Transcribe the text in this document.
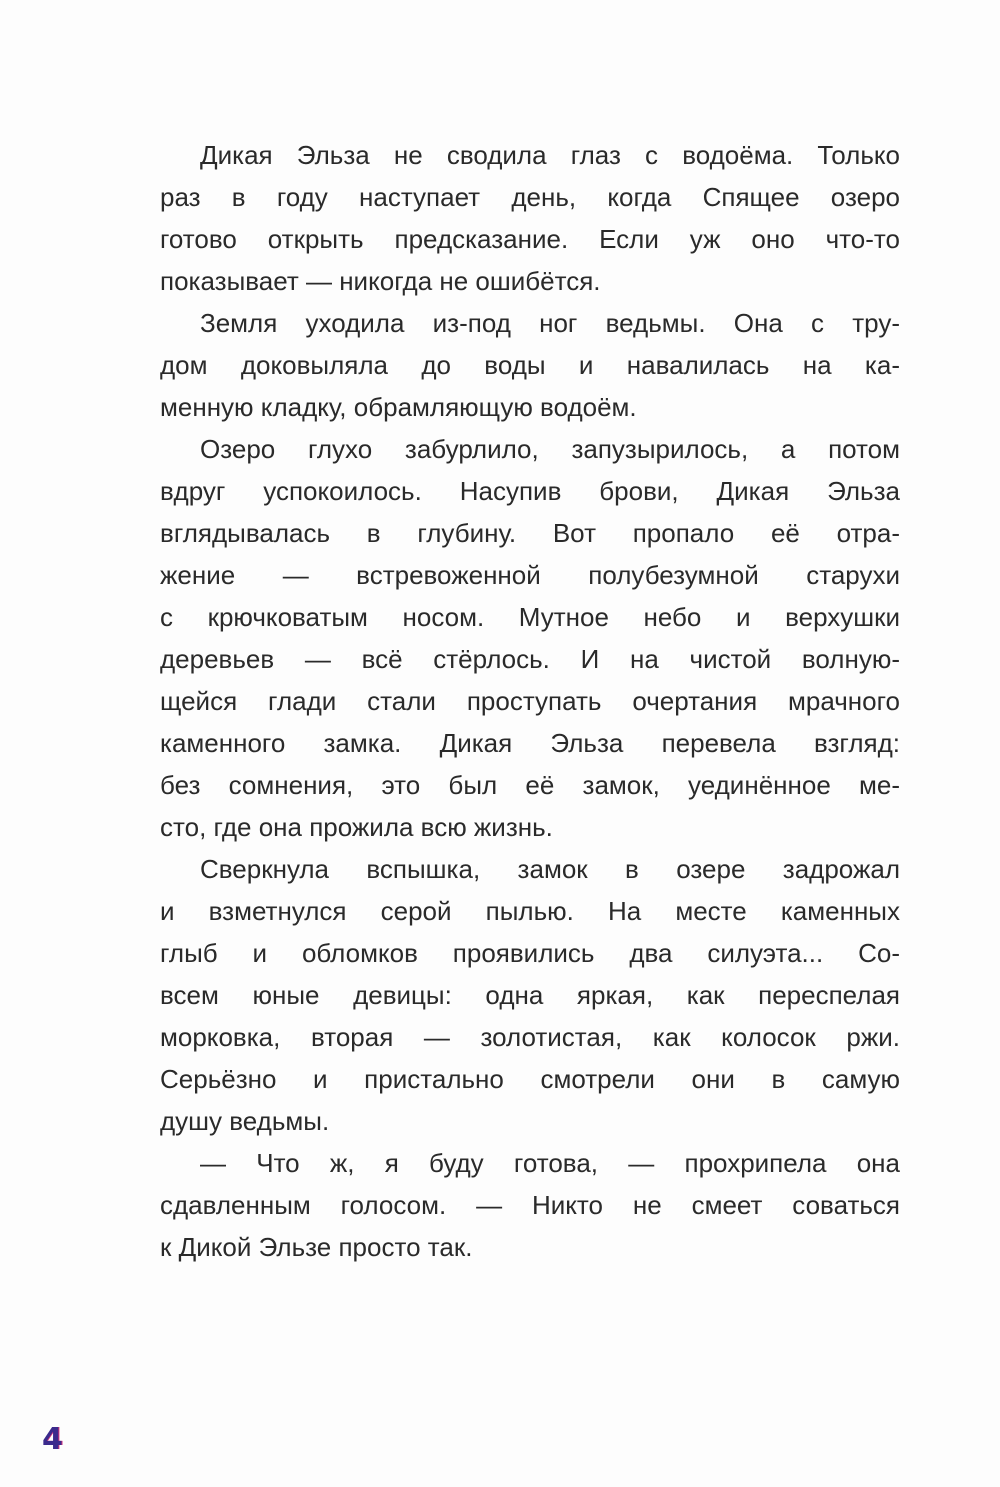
Дикая Эльза не сводила глаз с водоёма. Только
раз в году наступает день, когда Спящее озеро
готово открыть предсказание. Если уж оно что-то
показывает — никогда не ошибётся.
Земля уходила из-под ног ведьмы. Она с тру-
дом доковыляла до воды и навалилась на ка-
менную кладку, обрамляющую водоём.
Озеро глухо забурлило, запузырилось, а потом
вдруг успокоилось. Насупив брови, Дикая Эльза
вглядывалась в глубину. Вот пропало её отра-
жение — встревоженной полубезумной старухи
с крючковатым носом. Мутное небо и верхушки
деревьев — всё стёрлось. И на чистой волную-
щейся глади стали проступать очертания мрачного
каменного замка. Дикая Эльза перевела взгляд:
без сомнения, это был её замок, уединённое ме-
сто, где она прожила всю жизнь.
Сверкнула вспышка, замок в озере задрожал
и взметнулся серой пылью. На месте каменных
глыб и обломков проявились два силуэта... Со-
всем юные девицы: одна яркая, как переспелая
морковка, вторая — золотистая, как колосок ржи.
Серьёзно и пристально смотрели они в самую
душу ведьмы.
— Что ж, я буду готова, — прохрипела она
сдавленным голосом. — Никто не смеет соваться
к Дикой Эльзе просто так.
4
